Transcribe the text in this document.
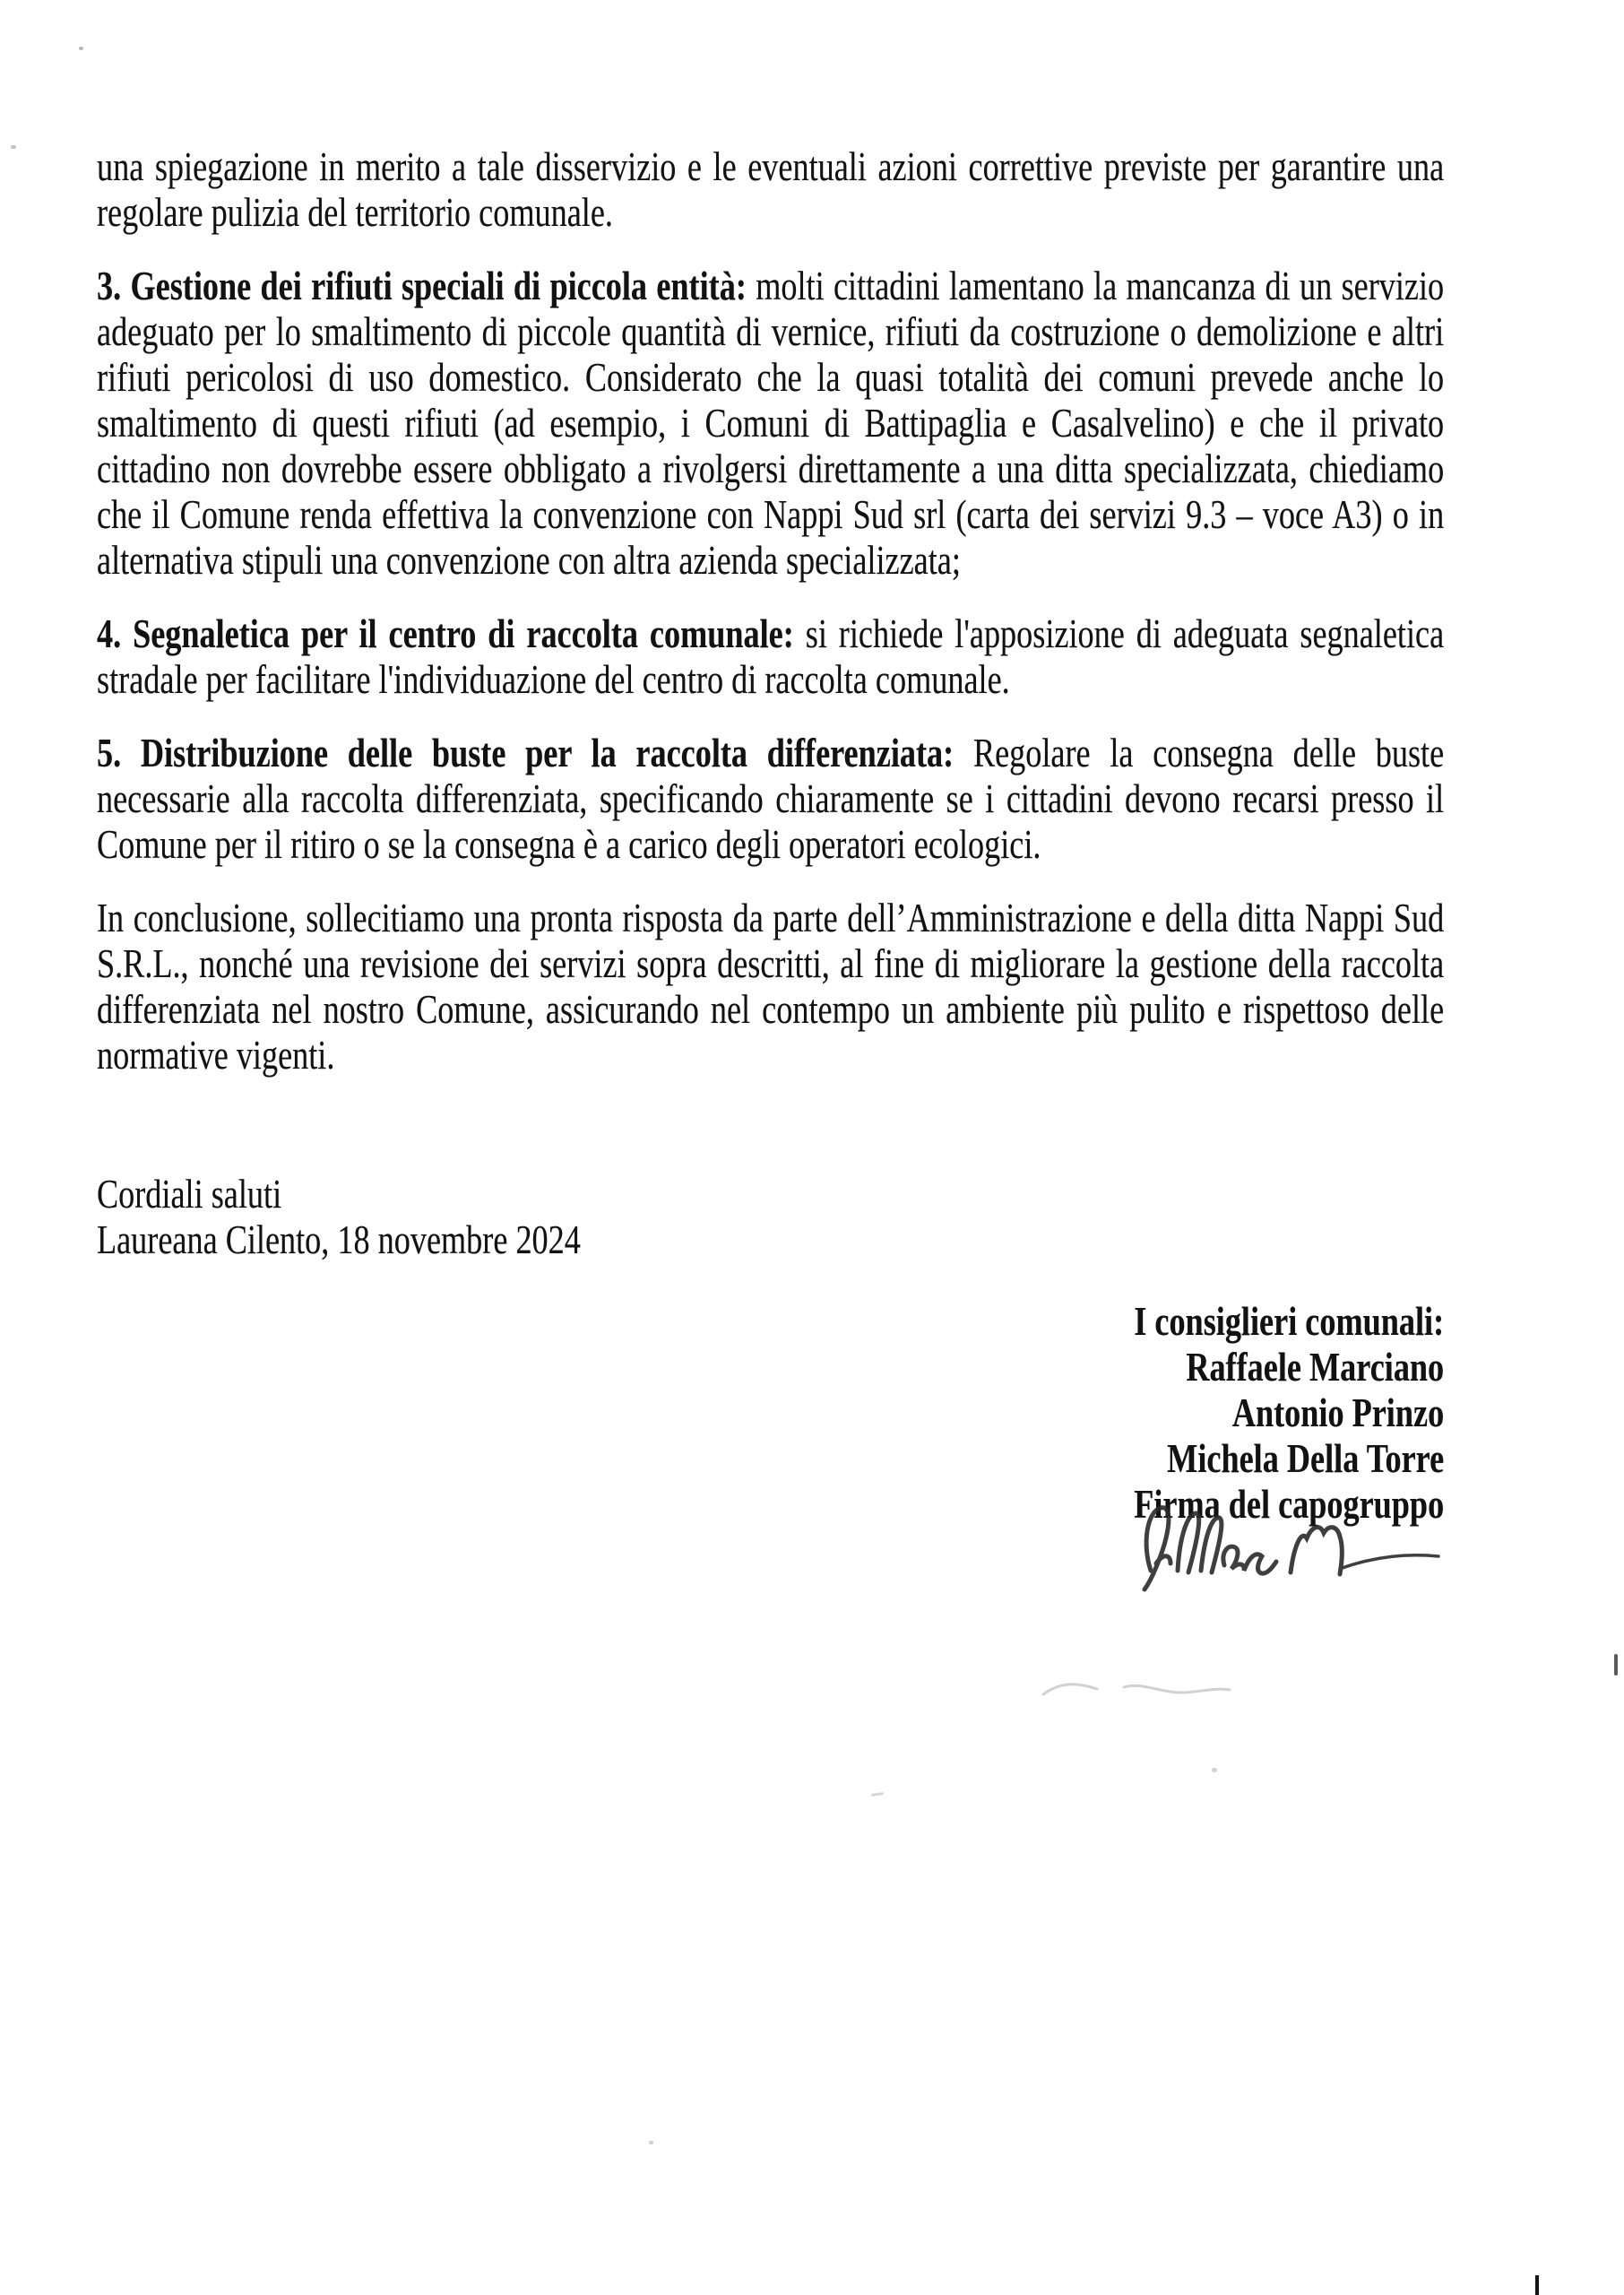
una spiegazione in merito a tale disservizio e le eventuali azioni correttive previste per garantire una regolare pulizia del territorio comunale.
3. Gestione dei rifiuti speciali di piccola entità: molti cittadini lamentano la mancanza di un servizio adeguato per lo smaltimento di piccole quantità di vernice, rifiuti da costruzione o demolizione e altri rifiuti pericolosi di uso domestico. Considerato che la quasi totalità dei comuni prevede anche lo smaltimento di questi rifiuti (ad esempio, i Comuni di Battipaglia e Casalvelino) e che il privato cittadino non dovrebbe essere obbligato a rivolgersi direttamente a una ditta specializzata, chiediamo che il Comune renda effettiva la convenzione con Nappi Sud srl (carta dei servizi 9.3 – voce A3) o in alternativa stipuli una convenzione con altra azienda specializzata;
4. Segnaletica per il centro di raccolta comunale: si richiede l'apposizione di adeguata segnaletica stradale per facilitare l'individuazione del centro di raccolta comunale.
5. Distribuzione delle buste per la raccolta differenziata: Regolare la consegna delle buste necessarie alla raccolta differenziata, specificando chiaramente se i cittadini devono recarsi presso il Comune per il ritiro o se la consegna è a carico degli operatori ecologici.
In conclusione, sollecitiamo una pronta risposta da parte dell’Amministrazione e della ditta Nappi Sud S.R.L., nonché una revisione dei servizi sopra descritti, al fine di migliorare la gestione della raccolta differenziata nel nostro Comune, assicurando nel contempo un ambiente più pulito e rispettoso delle normative vigenti.
Cordiali saluti
Laureana Cilento, 18 novembre 2024
I consiglieri comunali:
Raffaele Marciano
Antonio Prinzo
Michela Della Torre
Firma del capogruppo
